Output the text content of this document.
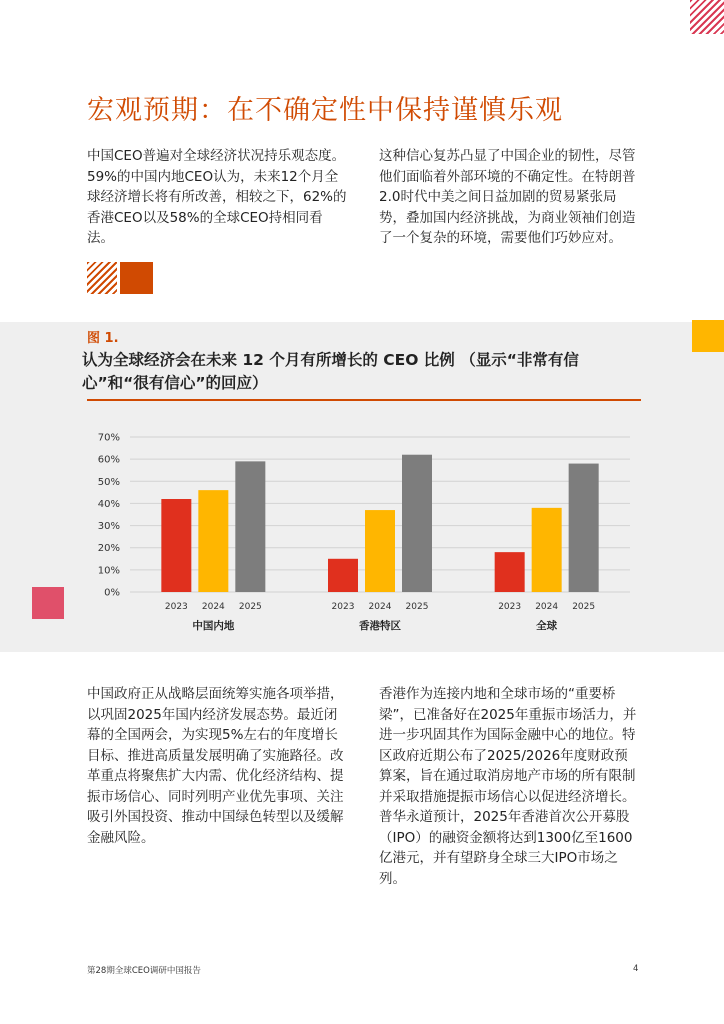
宏观预期：在不确定性中保持谨慎乐观
中国CEO普遍对全球经济状况持乐观态度。59%的中国内地CEO认为，未来12个月全球经济增长将有所改善，相较之下，62%的香港CEO以及58%的全球CEO持相同看法。
这种信心复苏凸显了中国企业的韧性，尽管他们面临着外部环境的不确定性。在特朗普2.0时代中美之间日益加剧的贸易紧张局势，叠加国内经济挑战，为商业领袖们创造了一个复杂的环境，需要他们巧妙应对。
图 1.
认为全球经济会在未来 12 个月有所增长的 CEO 比例 （显示“非常有信心”和“很有信心”的回应）
0%
10%
20%
30%
40%
50%
60%
70%
2023 2024 2025
中国内地
2023 2024 2025
香港特区
2023 2024 2025
全球
中国政府正从战略层面统筹实施各项举措，以巩固2025年国内经济发展态势。最近闭幕的全国两会，为实现5%左右的年度增长目标、推进高质量发展明确了实施路径。改革重点将聚焦扩大内需、优化经济结构、提振市场信心、同时列明产业优先事项、关注吸引外国投资、推动中国绿色转型以及缓解金融风险。
香港作为连接内地和全球市场的“重要桥梁”，已准备好在2025年重振市场活力，并进一步巩固其作为国际金融中心的地位。特区政府近期公布了2025/2026年度财政预算案，旨在通过取消房地产市场的所有限制并采取措施提振市场信心以促进经济增长。普华永道预计，2025年香港首次公开募股（IPO）的融资金额将达到1300亿至1600亿港元，并有望跻身全球三大IPO市场之列。
第28期全球CEO调研中国报告	4
